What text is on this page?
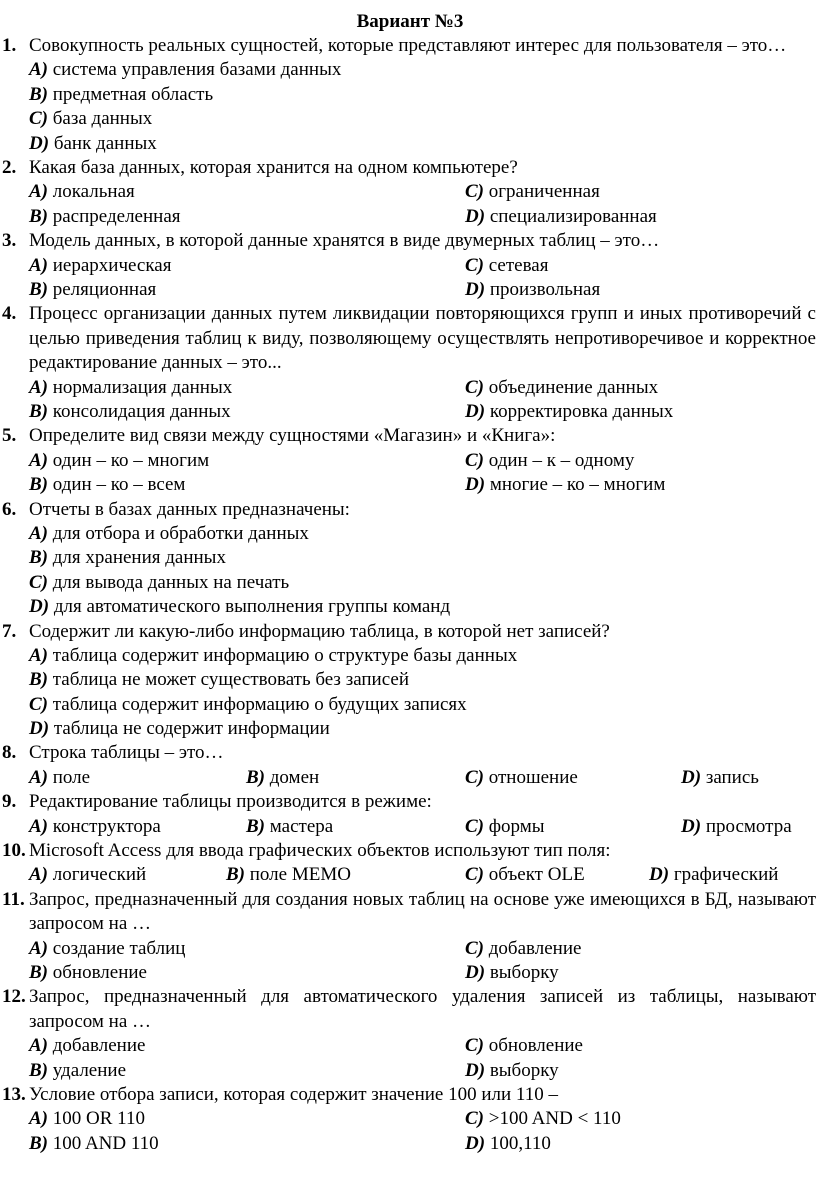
Вариант №3
1. Совокупность реальных сущностей, которые представляют интерес для пользователя – это…
A) система управления базами данных
B) предметная область
C) база данных
D) банк данных
2. Какая база данных, которая хранится на одном компьютере?
A) локальная	C) ограниченная
B) распределенная	D) специализированная
3. Модель данных, в которой данные хранятся в виде двумерных таблиц – это…
A) иерархическая	C) сетевая
B) реляционная	D) произвольная
4. Процесс организации данных путем ликвидации повторяющихся групп и иных противоречий с целью приведения таблиц к виду, позволяющему осуществлять непротиворечивое и корректное редактирование данных – это...
A) нормализация данных	C) объединение данных
B) консолидация данных	D) корректировка данных
5. Определите вид связи между сущностями «Магазин» и «Книга»:
A) один – ко – многим	C) один – к – одному
B) один – ко – всем	D) многие – ко – многим
6. Отчеты в базах данных предназначены:
A) для отбора и обработки данных
B) для хранения данных
C) для вывода данных на печать
D) для автоматического выполнения группы команд
7. Содержит ли какую-либо информацию таблица, в которой нет записей?
A) таблица содержит информацию о структуре базы данных
B) таблица не может существовать без записей
C) таблица содержит информацию о будущих записях
D) таблица не содержит информации
8. Строка таблицы – это…
A) поле	B) домен	C) отношение	D) запись
9. Редактирование таблицы производится в режиме:
A) конструктора	B) мастера	C) формы	D) просмотра
10. Microsoft Access для ввода графических объектов используют тип поля:
A) логический	B) поле MEMO	C) объект OLE	D) графический
11. Запрос, предназначенный для создания новых таблиц на основе уже имеющихся в БД, называют запросом на …
A) создание таблиц	C) добавление
B) обновление	D) выборку
12. Запрос, предназначенный для автоматического удаления записей из таблицы, называют запросом на …
A) добавление	C) обновление
B) удаление	D) выборку
13. Условие отбора записи, которая содержит значение 100 или 110 –
A) 100 OR 110	C) >100 AND < 110
B) 100 AND 110	D) 100,110
